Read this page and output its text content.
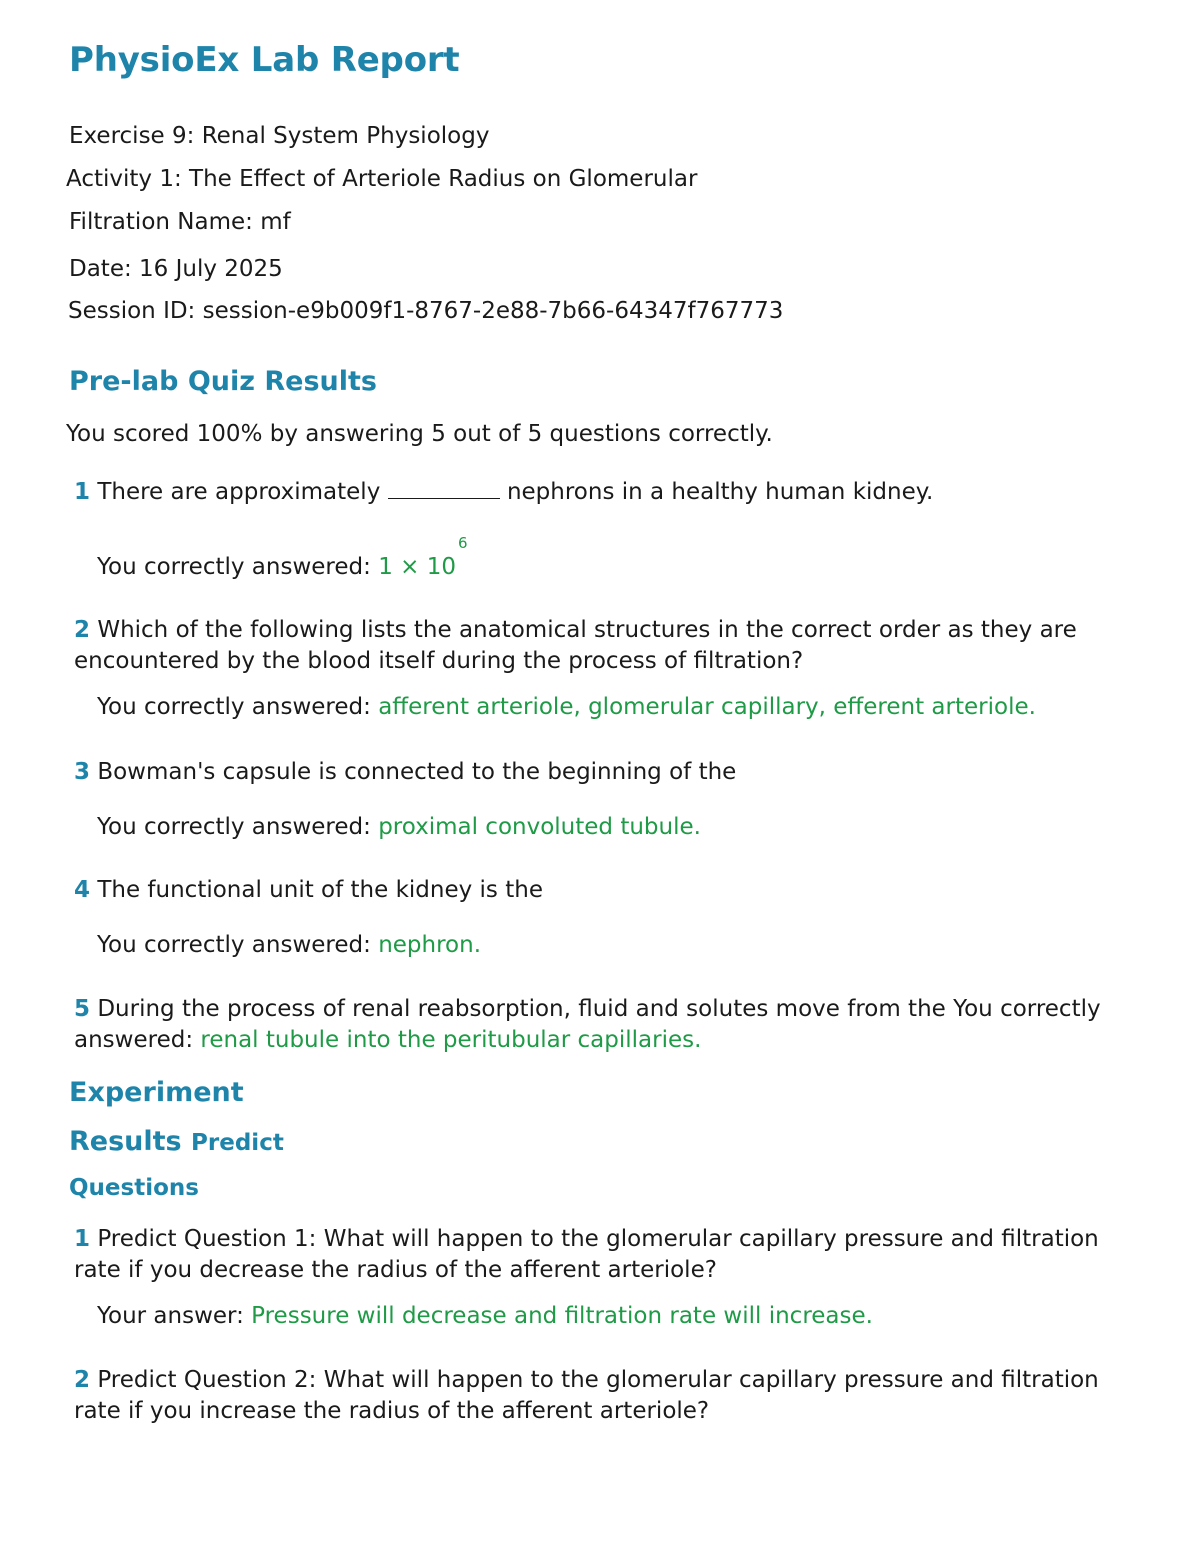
PhysioEx Lab Report
Exercise 9: Renal System Physiology
Activity 1: The Effect of Arteriole Radius on Glomerular
Filtration Name: mf
Date: 16 July 2025
Session ID: session-e9b009f1-8767-2e88-7b66-64347f767773
Pre-lab Quiz Results
You scored 100% by answering 5 out of 5 questions correctly.
1 There are approximately	nephrons in a healthy human kidney.
You correctly answered: $1 \times 10^6$
2 Which of the following lists the anatomical structures in the correct order as they are encountered by the blood itself during the process of filtration?
You correctly answered: afferent arteriole, glomerular capillary, efferent arteriole.
3 Bowman's capsule is connected to the beginning of the
You correctly answered: proximal convoluted tubule.
4 The functional unit of the kidney is the
You correctly answered: nephron.
5 During the process of renal reabsorption, fluid and solutes move from the You correctly answered: renal tubule into the peritubular capillaries.
Experiment
Results Predict
Questions
1 Predict Question 1: What will happen to the glomerular capillary pressure and filtration rate if you decrease the radius of the afferent arteriole?
Your answer: Pressure will decrease and filtration rate will increase.
2 Predict Question 2: What will happen to the glomerular capillary pressure and filtration rate if you increase the radius of the afferent arteriole?
